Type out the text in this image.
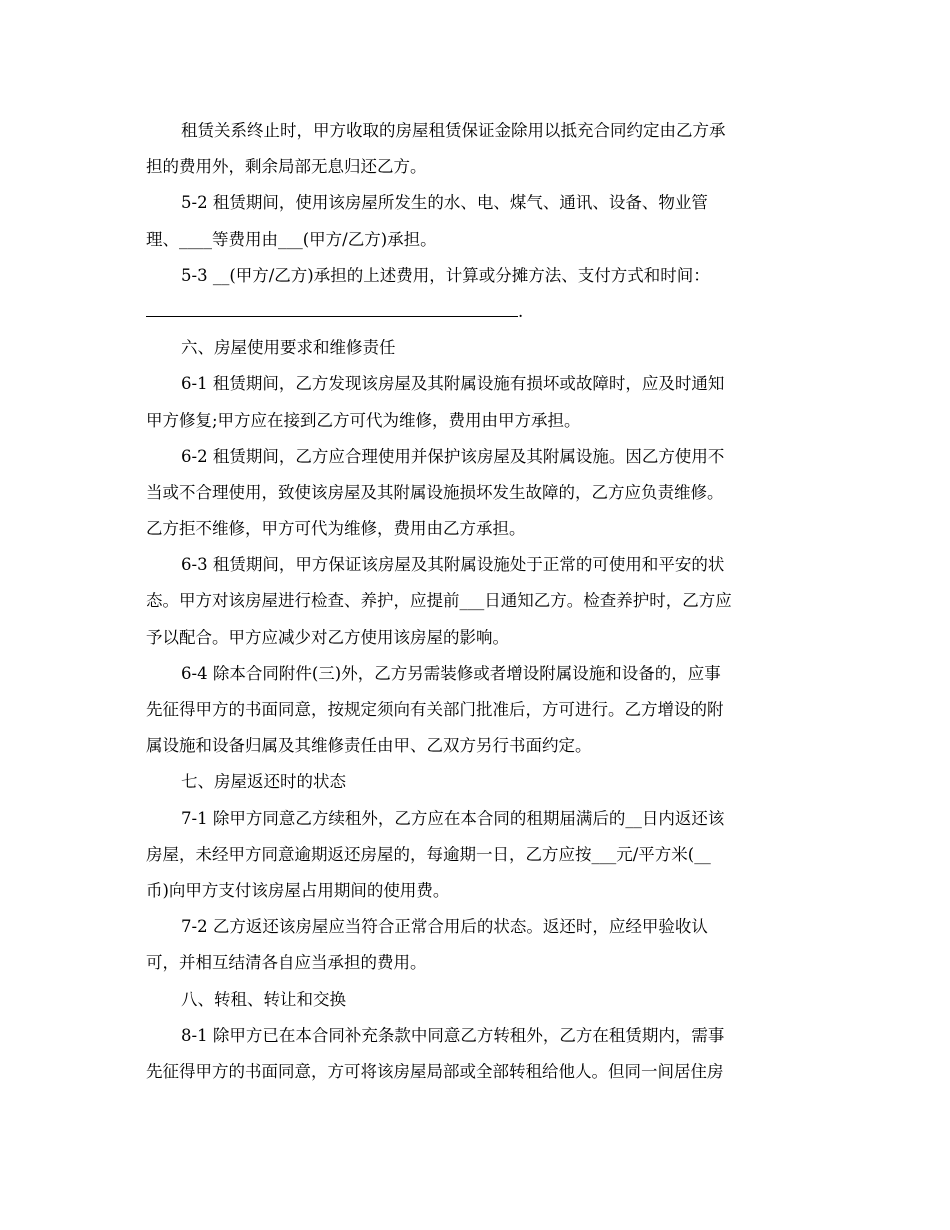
租赁关系终止时，甲方收取的房屋租赁保证金除用以抵充合同约定由乙方承
担的费用外，剩余局部无息归还乙方。
5-2 租赁期间，使用该房屋所发生的水、电、煤气、通讯、设备、物业管
理、____等费用由___(甲方/乙方)承担。
5-3 __(甲方/乙方)承担的上述费用，计算或分摊方法、支付方式和时间：
.
六、房屋使用要求和维修责任
6-1 租赁期间，乙方发现该房屋及其附属设施有损坏或故障时，应及时通知
甲方修复;甲方应在接到乙方可代为维修，费用由甲方承担。
6-2 租赁期间，乙方应合理使用并保护该房屋及其附属设施。因乙方使用不
当或不合理使用，致使该房屋及其附属设施损坏发生故障的，乙方应负责维修。
乙方拒不维修，甲方可代为维修，费用由乙方承担。
6-3 租赁期间，甲方保证该房屋及其附属设施处于正常的可使用和平安的状
态。甲方对该房屋进行检查、养护，应提前___日通知乙方。检查养护时，乙方应
予以配合。甲方应减少对乙方使用该房屋的影响。
6-4 除本合同附件(三)外，乙方另需装修或者增设附属设施和设备的，应事
先征得甲方的书面同意，按规定须向有关部门批准后，方可进行。乙方增设的附
属设施和设备归属及其维修责任由甲、乙双方另行书面约定。
七、房屋返还时的状态
7-1 除甲方同意乙方续租外，乙方应在本合同的租期届满后的__日内返还该
房屋，未经甲方同意逾期返还房屋的，每逾期一日，乙方应按___元/平方米(__
币)向甲方支付该房屋占用期间的使用费。
7-2 乙方返还该房屋应当符合正常合用后的状态。返还时，应经甲验收认
可，并相互结清各自应当承担的费用。
八、转租、转让和交换
8-1 除甲方已在本合同补充条款中同意乙方转租外，乙方在租赁期内，需事
先征得甲方的书面同意，方可将该房屋局部或全部转租给他人。但同一间居住房
